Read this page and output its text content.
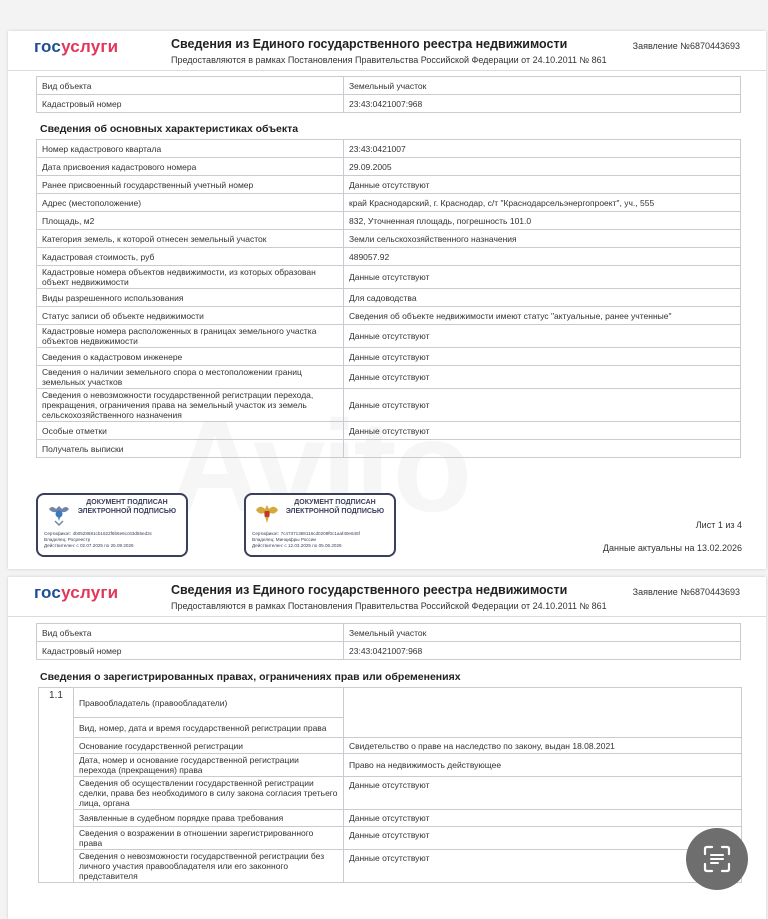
госуслуги	Сведения из Единого государственного реестра недвижимости
Предоставляются в рамках Постановления Правительства Российской Федерации от 24.10.2011 № 861
Заявление №6870443693
Вид объекта	Земельный участок
Кадастровый номер	23:43:0421007:968
Сведения об основных характеристиках объекта
Номер кадастрового квартала	23:43:0421007
Дата присвоения кадастрового номера	29.09.2005
Ранее присвоенный государственный учетный номер	Данные отсутствуют
Адрес (местоположение)	край Краснодарский, г. Краснодар, с/т "Краснодарсельэнергопроект", уч., 555
Площадь, м2	832, Уточненная площадь, погрешность 101.0
Категория земель, к которой отнесен земельный участок	Земли сельскохозяйственного назначения
Кадастровая стоимость, руб	489057.92
Кадастровые номера объектов недвижимости, из которых образован объект недвижимости	Данные отсутствуют
Виды разрешенного использования	Для садоводства
Статус записи об объекте недвижимости	Сведения об объекте недвижимости имеют статус "актуальные, ранее учтенные"
Кадастровые номера расположенных в границах земельного участка объектов недвижимости	Данные отсутствуют
Сведения о кадастровом инженере	Данные отсутствуют
Сведения о наличии земельного спора о местоположении границ земельных участков	Данные отсутствуют
Сведения о невозможности государственной регистрации перехода, прекращения, ограничения права на земельный участок из земель сельскохозяйственного назначения	Данные отсутствуют
Особые отметки	Данные отсутствуют
Получатель выписки	
ДОКУМЕНТ ПОДПИСАН ЭЛЕКТРОННОЙ ПОДПИСЬЮ
Сертификат: 4b0528681cb1622f6b6e6cc63d55ed3c
Владелец: Росреестр
Действителен: с 02.07.2025 по 25.09.2026
ДОКУМЕНТ ПОДПИСАН ЭЛЕКТРОННОЙ ПОДПИСЬЮ
Сертификат: 7c47371368116cd0209f0c1aaf40e645f
Владелец: Минцифры России
Действителен: с 12.03.2025 по 05.06.2026
Лист 1 из 4
Данные актуальны на 13.02.2026
госуслуги	Сведения из Единого государственного реестра недвижимости
Предоставляются в рамках Постановления Правительства Российской Федерации от 24.10.2011 № 861
Заявление №6870443693
Вид объекта	Земельный участок
Кадастровый номер	23:43:0421007:968
Сведения о зарегистрированных правах, ограничениях прав или обременениях
1.1	Правообладатель (правообладатели)	
	Вид, номер, дата и время государственной регистрации права	
	Основание государственной регистрации	Свидетельство о праве на наследство по закону, выдан 18.08.2021
	Дата, номер и основание государственной регистрации перехода (прекращения) права	Право на недвижимость действующее
	Сведения об осуществлении государственной регистрации сделки, права без необходимого в силу закона согласия третьего лица, органа	Данные отсутствуют
	Заявленные в судебном порядке права требования	Данные отсутствуют
	Сведения о возражении в отношении зарегистрированного права	Данные отсутствуют
	Сведения о невозможности государственной регистрации без личного участия правообладателя или его законного представителя	Данные отсутствуют
